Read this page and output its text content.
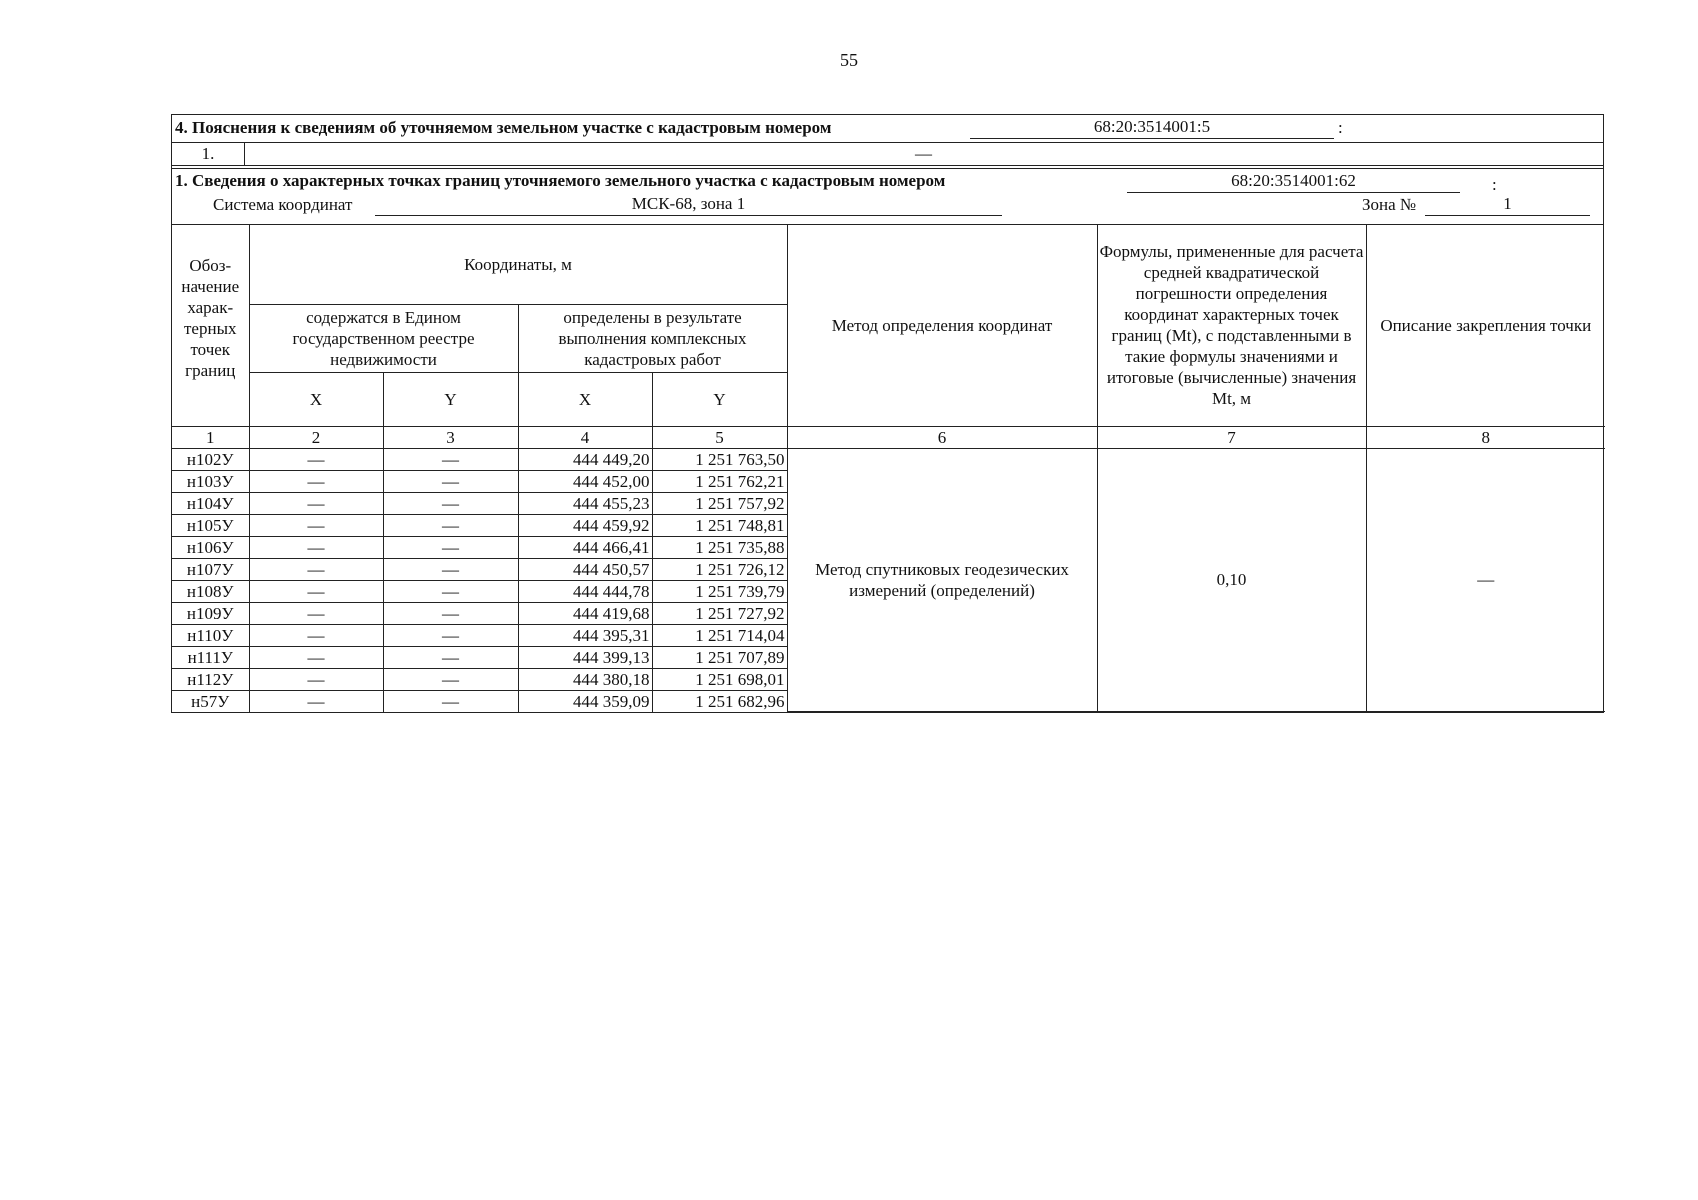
55
4. Пояснения к сведениям об уточняемом земельном участке с кадастровым номером	68:20:3514001:5	:
1.	—
1. Сведения о характерных точках границ уточняемого земельного участка с кадастровым номером	68:20:3514001:62	:
Система координат	МСК-68, зона 1	Зона №	1
Обоз-начение харак-терных точек границ	Координаты, м				Метод определения координат	Формулы, примененные для расчета средней квадратической погрешности определения координат характерных точек границ (Mt), с подставленными в такие формулы значениями и итоговые (вычисленные) значения Mt, м	Описание закрепления точки
	содержатся в Едином государственном реестре недвижимости		определены в результате выполнения комплексных кадастровых работ				
	X	Y	X	Y			
1	2	3	4	5	6	7	8
н102У	—	—	444 449,20	1 251 763,50	Метод спутниковых геодезических измерений (определений)	0,10	—
н103У	—	—	444 452,00	1 251 762,21			
н104У	—	—	444 455,23	1 251 757,92			
н105У	—	—	444 459,92	1 251 748,81			
н106У	—	—	444 466,41	1 251 735,88			
н107У	—	—	444 450,57	1 251 726,12			
н108У	—	—	444 444,78	1 251 739,79			
н109У	—	—	444 419,68	1 251 727,92			
н110У	—	—	444 395,31	1 251 714,04			
н111У	—	—	444 399,13	1 251 707,89			
н112У	—	—	444 380,18	1 251 698,01			
н57У	—	—	444 359,09	1 251 682,96			
